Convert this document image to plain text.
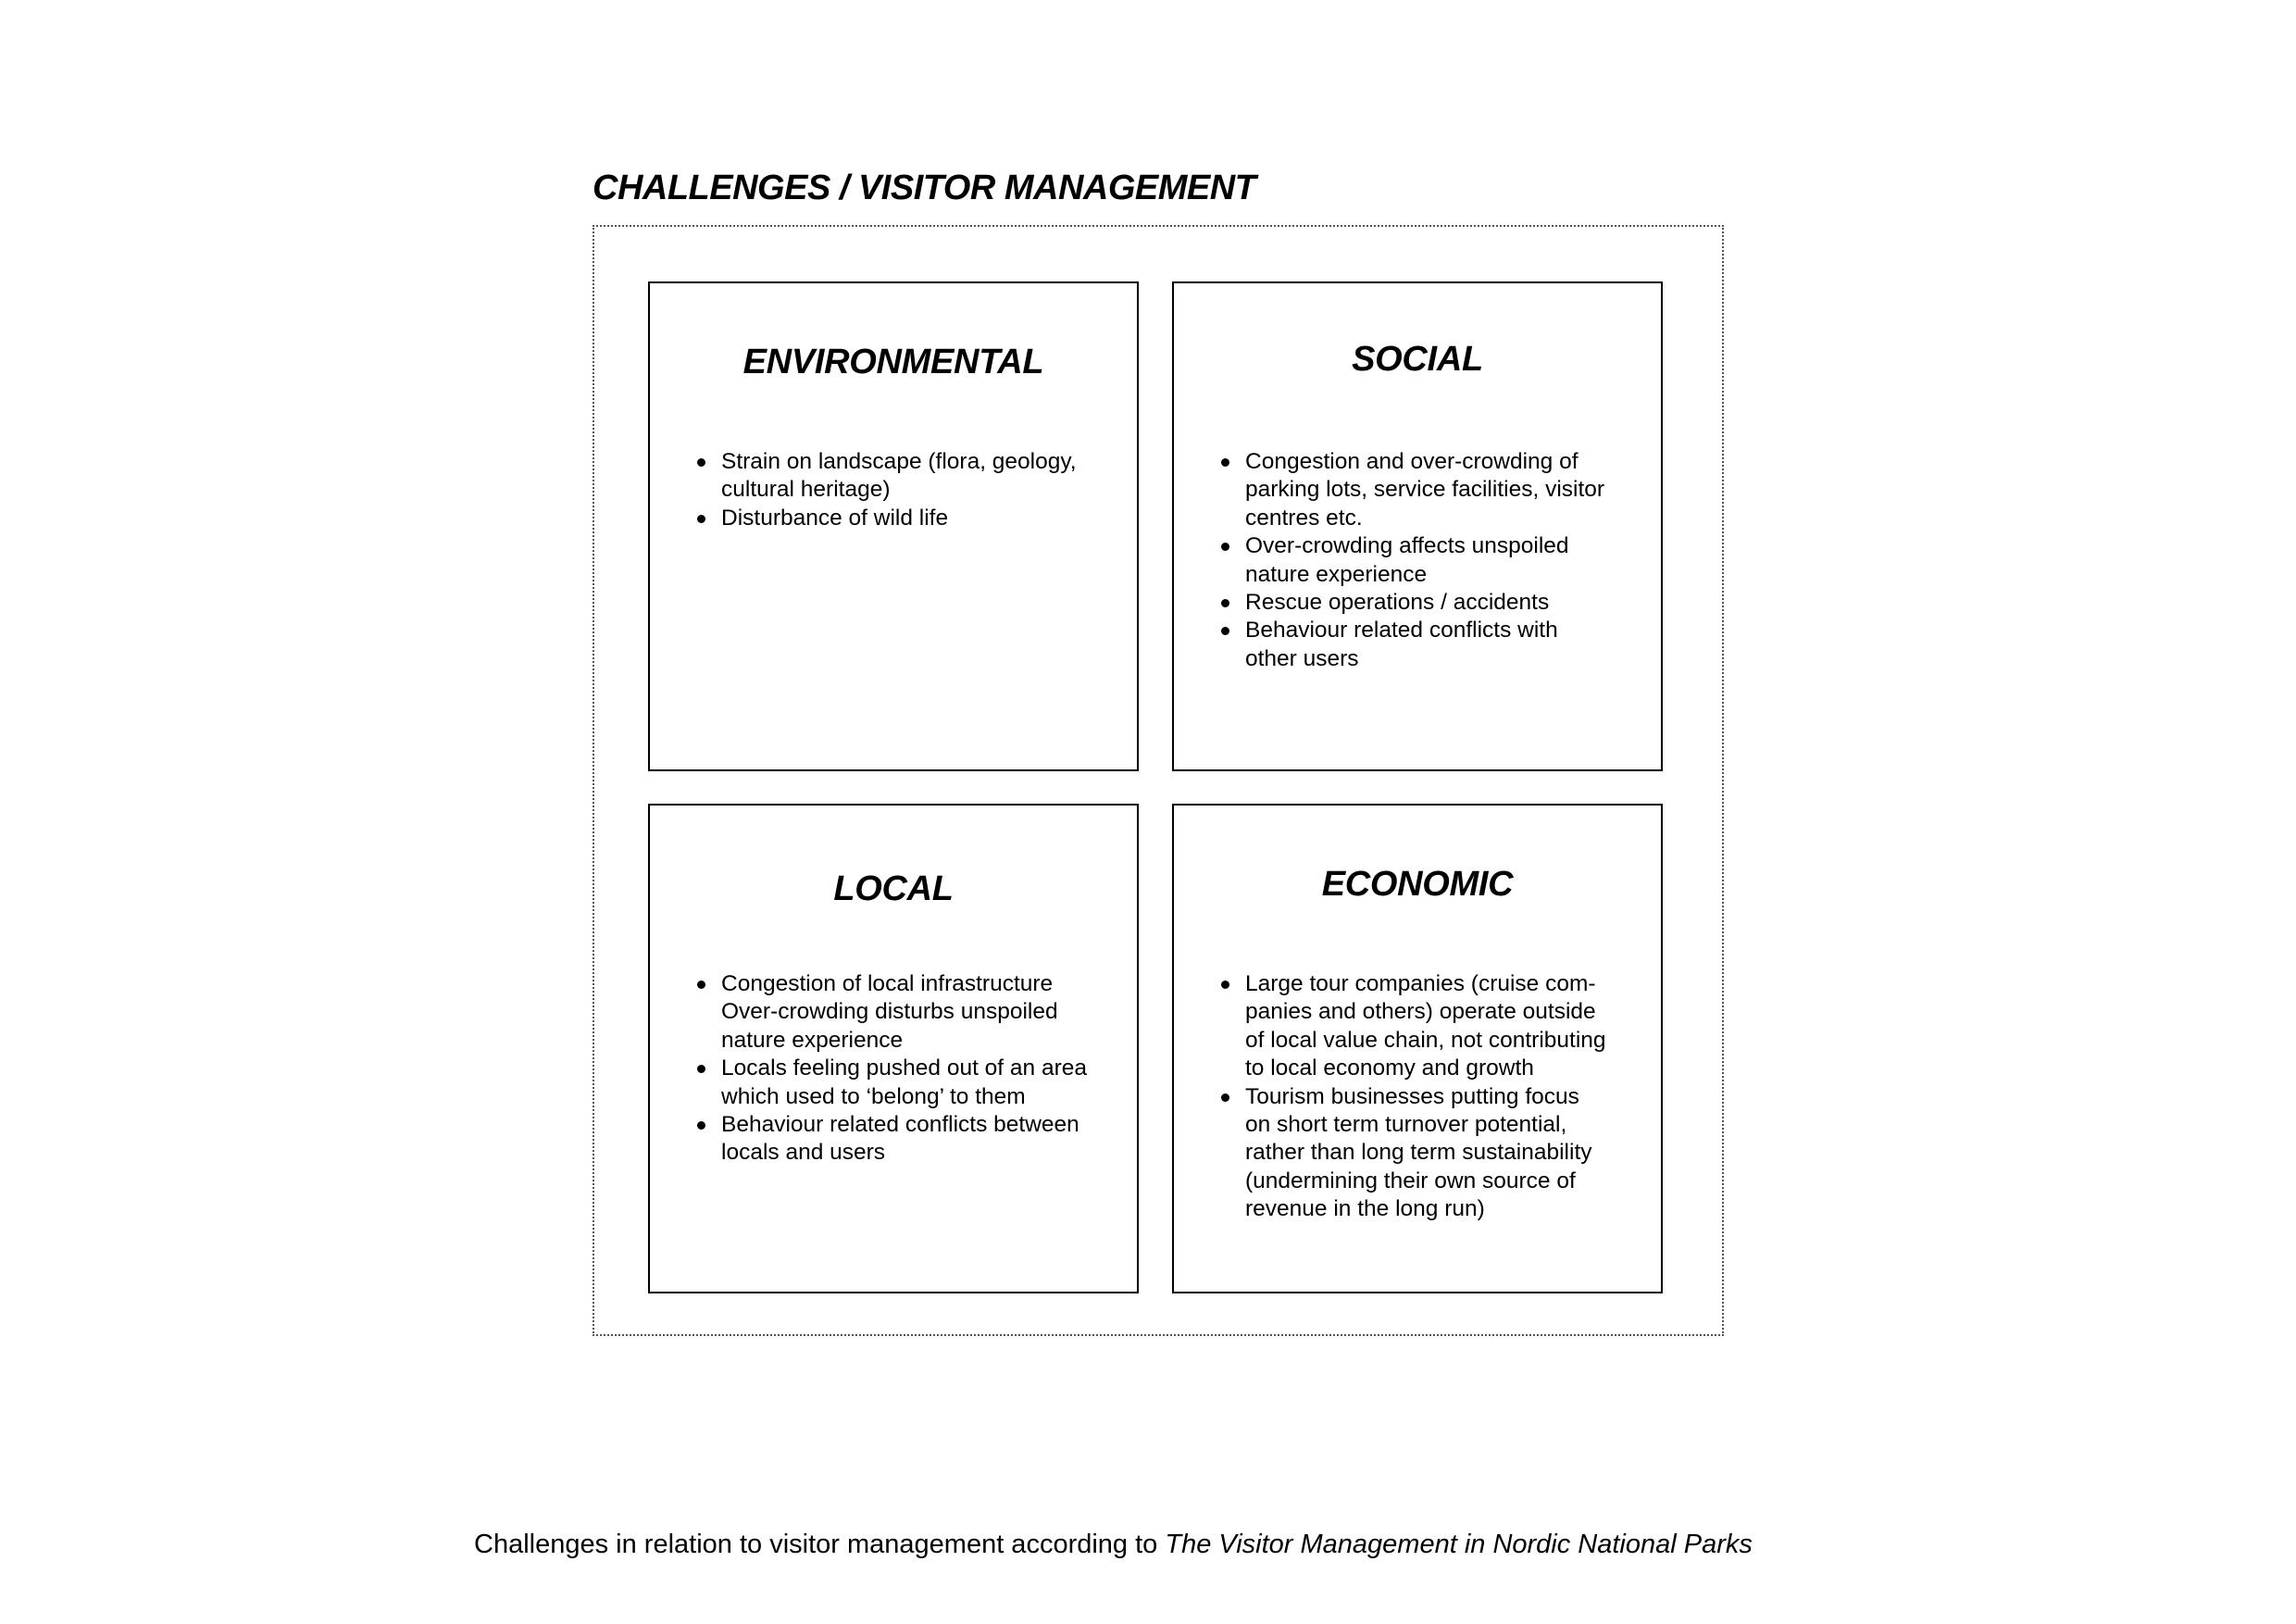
CHALLENGES / VISITOR MANAGEMENT
ENVIRONMENTAL
Strain on landscape (flora, geology,
cultural heritage)
Disturbance of wild life
SOCIAL
Congestion and over-crowding of
parking lots, service facilities, visitor
centres etc.
Over-crowding affects unspoiled
nature experience
Rescue operations / accidents
Behaviour related conflicts with
other users
LOCAL
Congestion of local infrastructure
Over-crowding disturbs unspoiled
nature experience
Locals feeling pushed out of an area
which used to ‘belong’ to them
Behaviour related conflicts between
locals and users
ECONOMIC
Large tour companies (cruise com-
panies and others) operate outside
of local value chain, not contributing
to local economy and growth
Tourism businesses putting focus
on short term turnover potential,
rather than long term sustainability
(undermining their own source of
revenue in the long run)
Challenges in relation to visitor management according to The Visitor Management in Nordic National Parks
